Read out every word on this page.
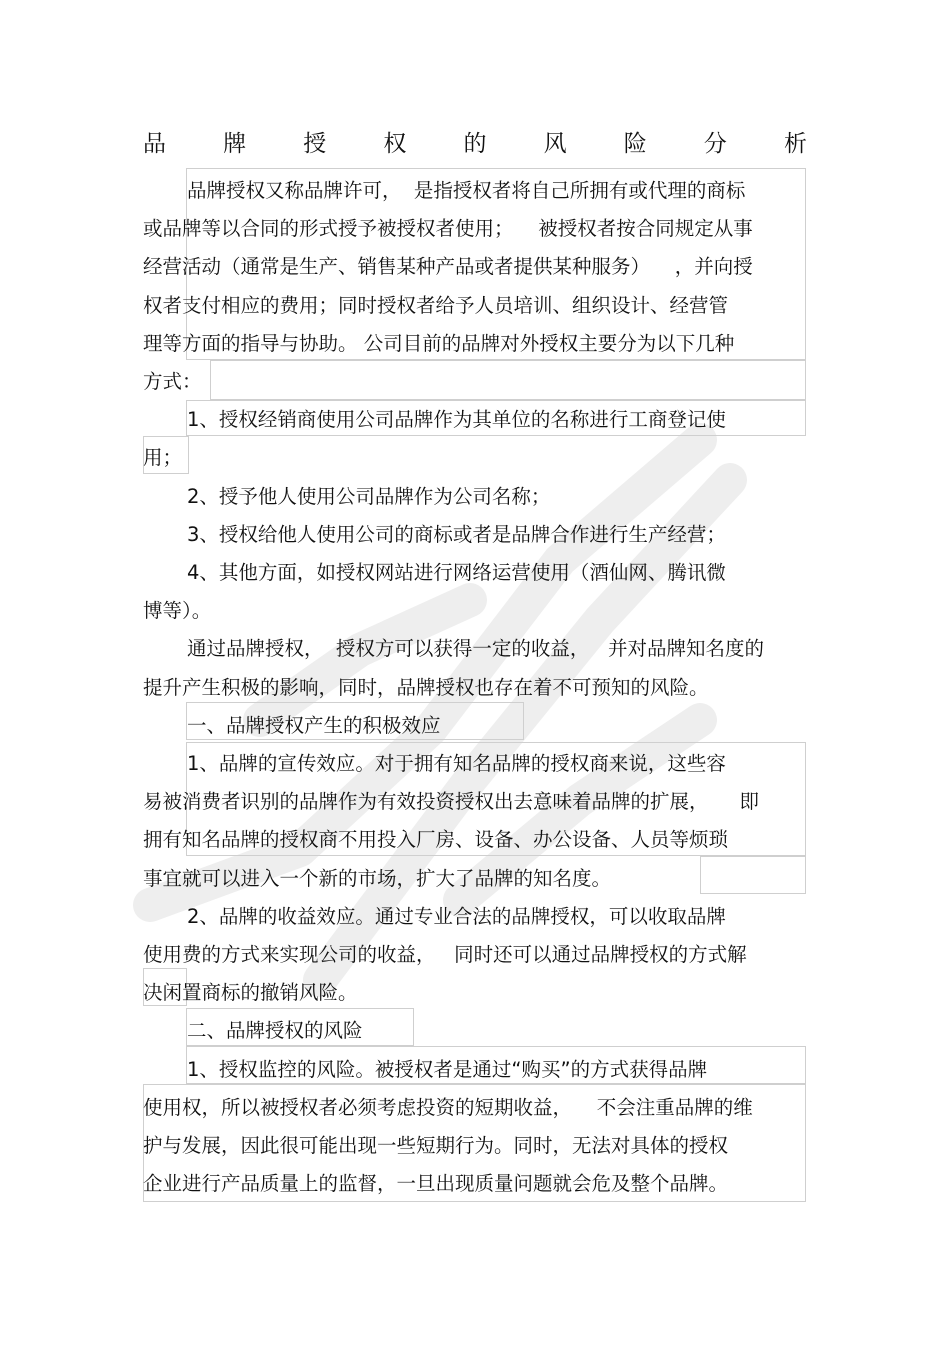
品 牌 授 权 的 风 险 分 析
品牌授权又称品牌许可，  是指授权者将自己所拥有或代理的商标
或品牌等以合同的形式授予被授权者使用；    被授权者按合同规定从事
经营活动（通常是生产、销售某种产品或者提供某种服务）    ，并向授
权者支付相应的费用；同时授权者给予人员培训、组织设计、经营管
理等方面的指导与协助。 公司目前的品牌对外授权主要分为以下几种
方式：
1、授权经销商使用公司品牌作为其单位的名称进行工商登记使
用；
2、授予他人使用公司品牌作为公司名称；
3、授权给他人使用公司的商标或者是品牌合作进行生产经营；
4、其他方面，如授权网站进行网络运营使用（酒仙网、腾讯微
博等）。
通过品牌授权，  授权方可以获得一定的收益，   并对品牌知名度的
提升产生积极的影响，同时，品牌授权也存在着不可预知的风险。
一、品牌授权产生的积极效应
1、品牌的宣传效应。对于拥有知名品牌的授权商来说，这些容
易被消费者识别的品牌作为有效投资授权出去意味着品牌的扩展，     即
拥有知名品牌的授权商不用投入厂房、设备、办公设备、人员等烦琐
事宜就可以进入一个新的市场，扩大了品牌的知名度。
2、品牌的收益效应。通过专业合法的品牌授权，可以收取品牌
使用费的方式来实现公司的收益，   同时还可以通过品牌授权的方式解
决闲置商标的撤销风险。
二、品牌授权的风险
1、授权监控的风险。被授权者是通过“购买”的方式获得品牌
使用权，所以被授权者必须考虑投资的短期收益，    不会注重品牌的维
护与发展，因此很可能出现一些短期行为。同时，无法对具体的授权
企业进行产品质量上的监督，一旦出现质量问题就会危及整个品牌。
